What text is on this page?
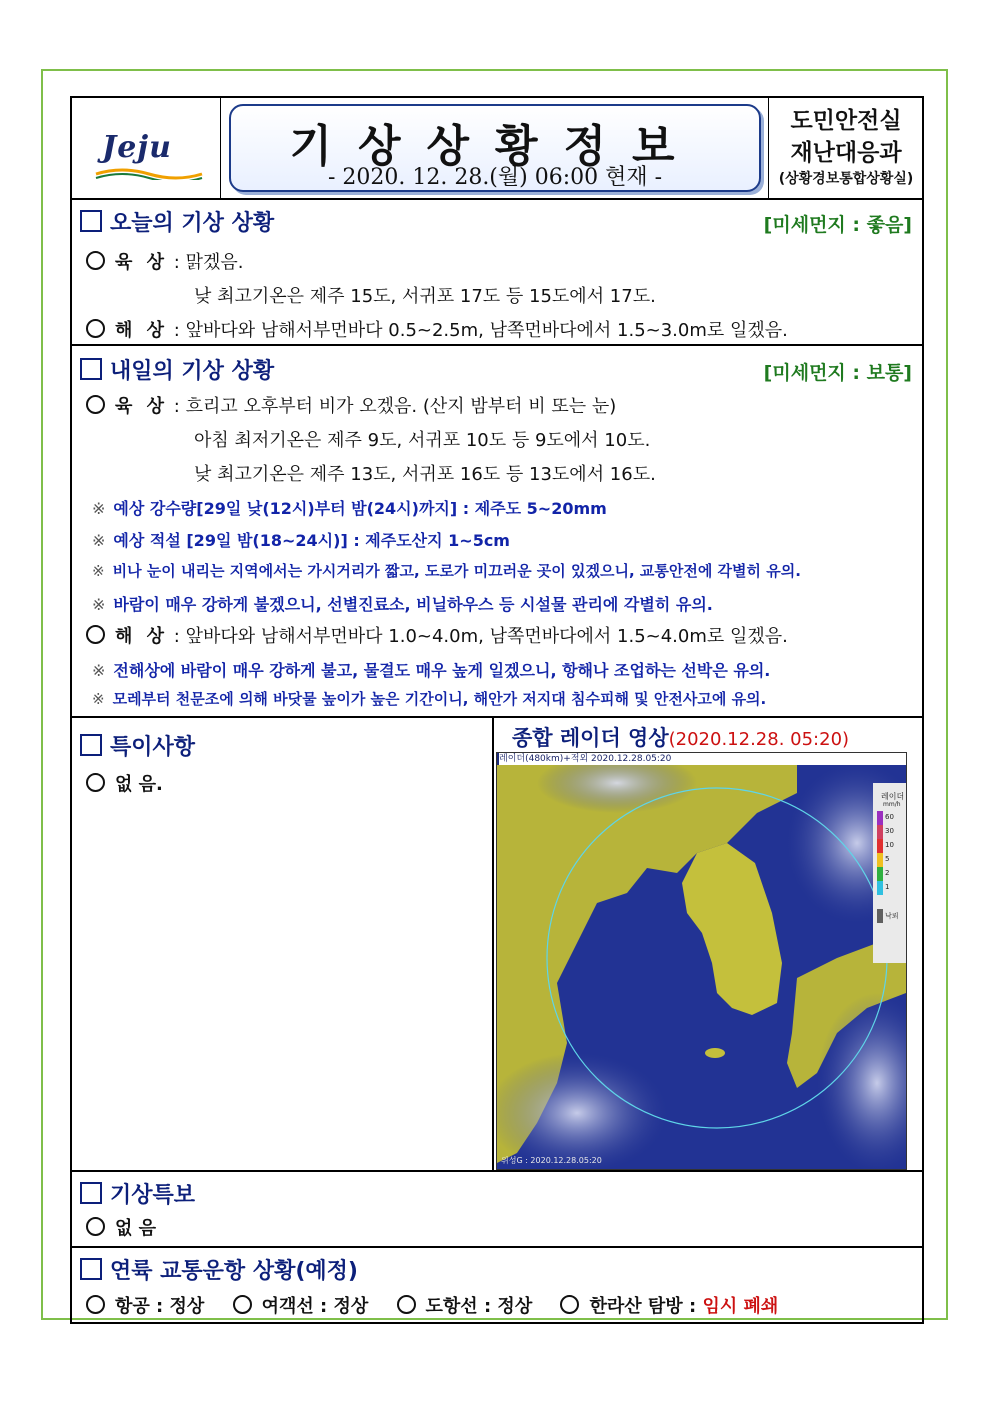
Jeju	기상상황정보
- 2020. 12. 28.(월) 06:00 현재 -
도민안전실
재난대응과
(상황경보통합상황실)
오늘의 기상 상황	[미세먼지 : 좋음]
육 상 : 맑겠음.
낮 최고기온은 제주 15도, 서귀포 17도 등 15도에서 17도.
해 상 : 앞바다와 남해서부먼바다 0.5~2.5m, 남쪽먼바다에서 1.5~3.0m로 일겠음.
내일의 기상 상황	[미세먼지 : 보통]
육 상 : 흐리고 오후부터 비가 오겠음. (산지 밤부터 비 또는 눈)
아침 최저기온은 제주 9도, 서귀포 10도 등 9도에서 10도.
낮 최고기온은 제주 13도, 서귀포 16도 등 13도에서 16도.
※ 예상 강수량[29일 낮(12시)부터 밤(24시)까지] : 제주도 5~20mm
※ 예상 적설 [29일 밤(18~24시)] : 제주도산지 1~5cm
※ 비나 눈이 내리는 지역에서는 가시거리가 짧고, 도로가 미끄러운 곳이 있겠으니, 교통안전에 각별히 유의.
※ 바람이 매우 강하게 불겠으니, 선별진료소, 비닐하우스 등 시설물 관리에 각별히 유의.
해 상 : 앞바다와 남해서부먼바다 1.0~4.0m, 남쪽먼바다에서 1.5~4.0m로 일겠음.
※ 전해상에 바람이 매우 강하게 불고, 물결도 매우 높게 일겠으니, 항해나 조업하는 선박은 유의.
※ 모레부터 천문조에 의해 바닷물 높이가 높은 기간이니, 해안가 저지대 침수피해 및 안전사고에 유의.
특이사항
없 음.
종합 레이더 영상(2020.12.28. 05:20)
레이더(480km)+적외 2020.12.28.05:20
레이더
mm/h
60
30
10
5
2
1
낙뢰
위성G : 2020.12.28.05:20
기상특보
없 음
연륙 교통운항 상황(예정)
항공 : 정상	여객선 : 정상	도항선 : 정상	한라산 탐방 : 임시 폐쇄
